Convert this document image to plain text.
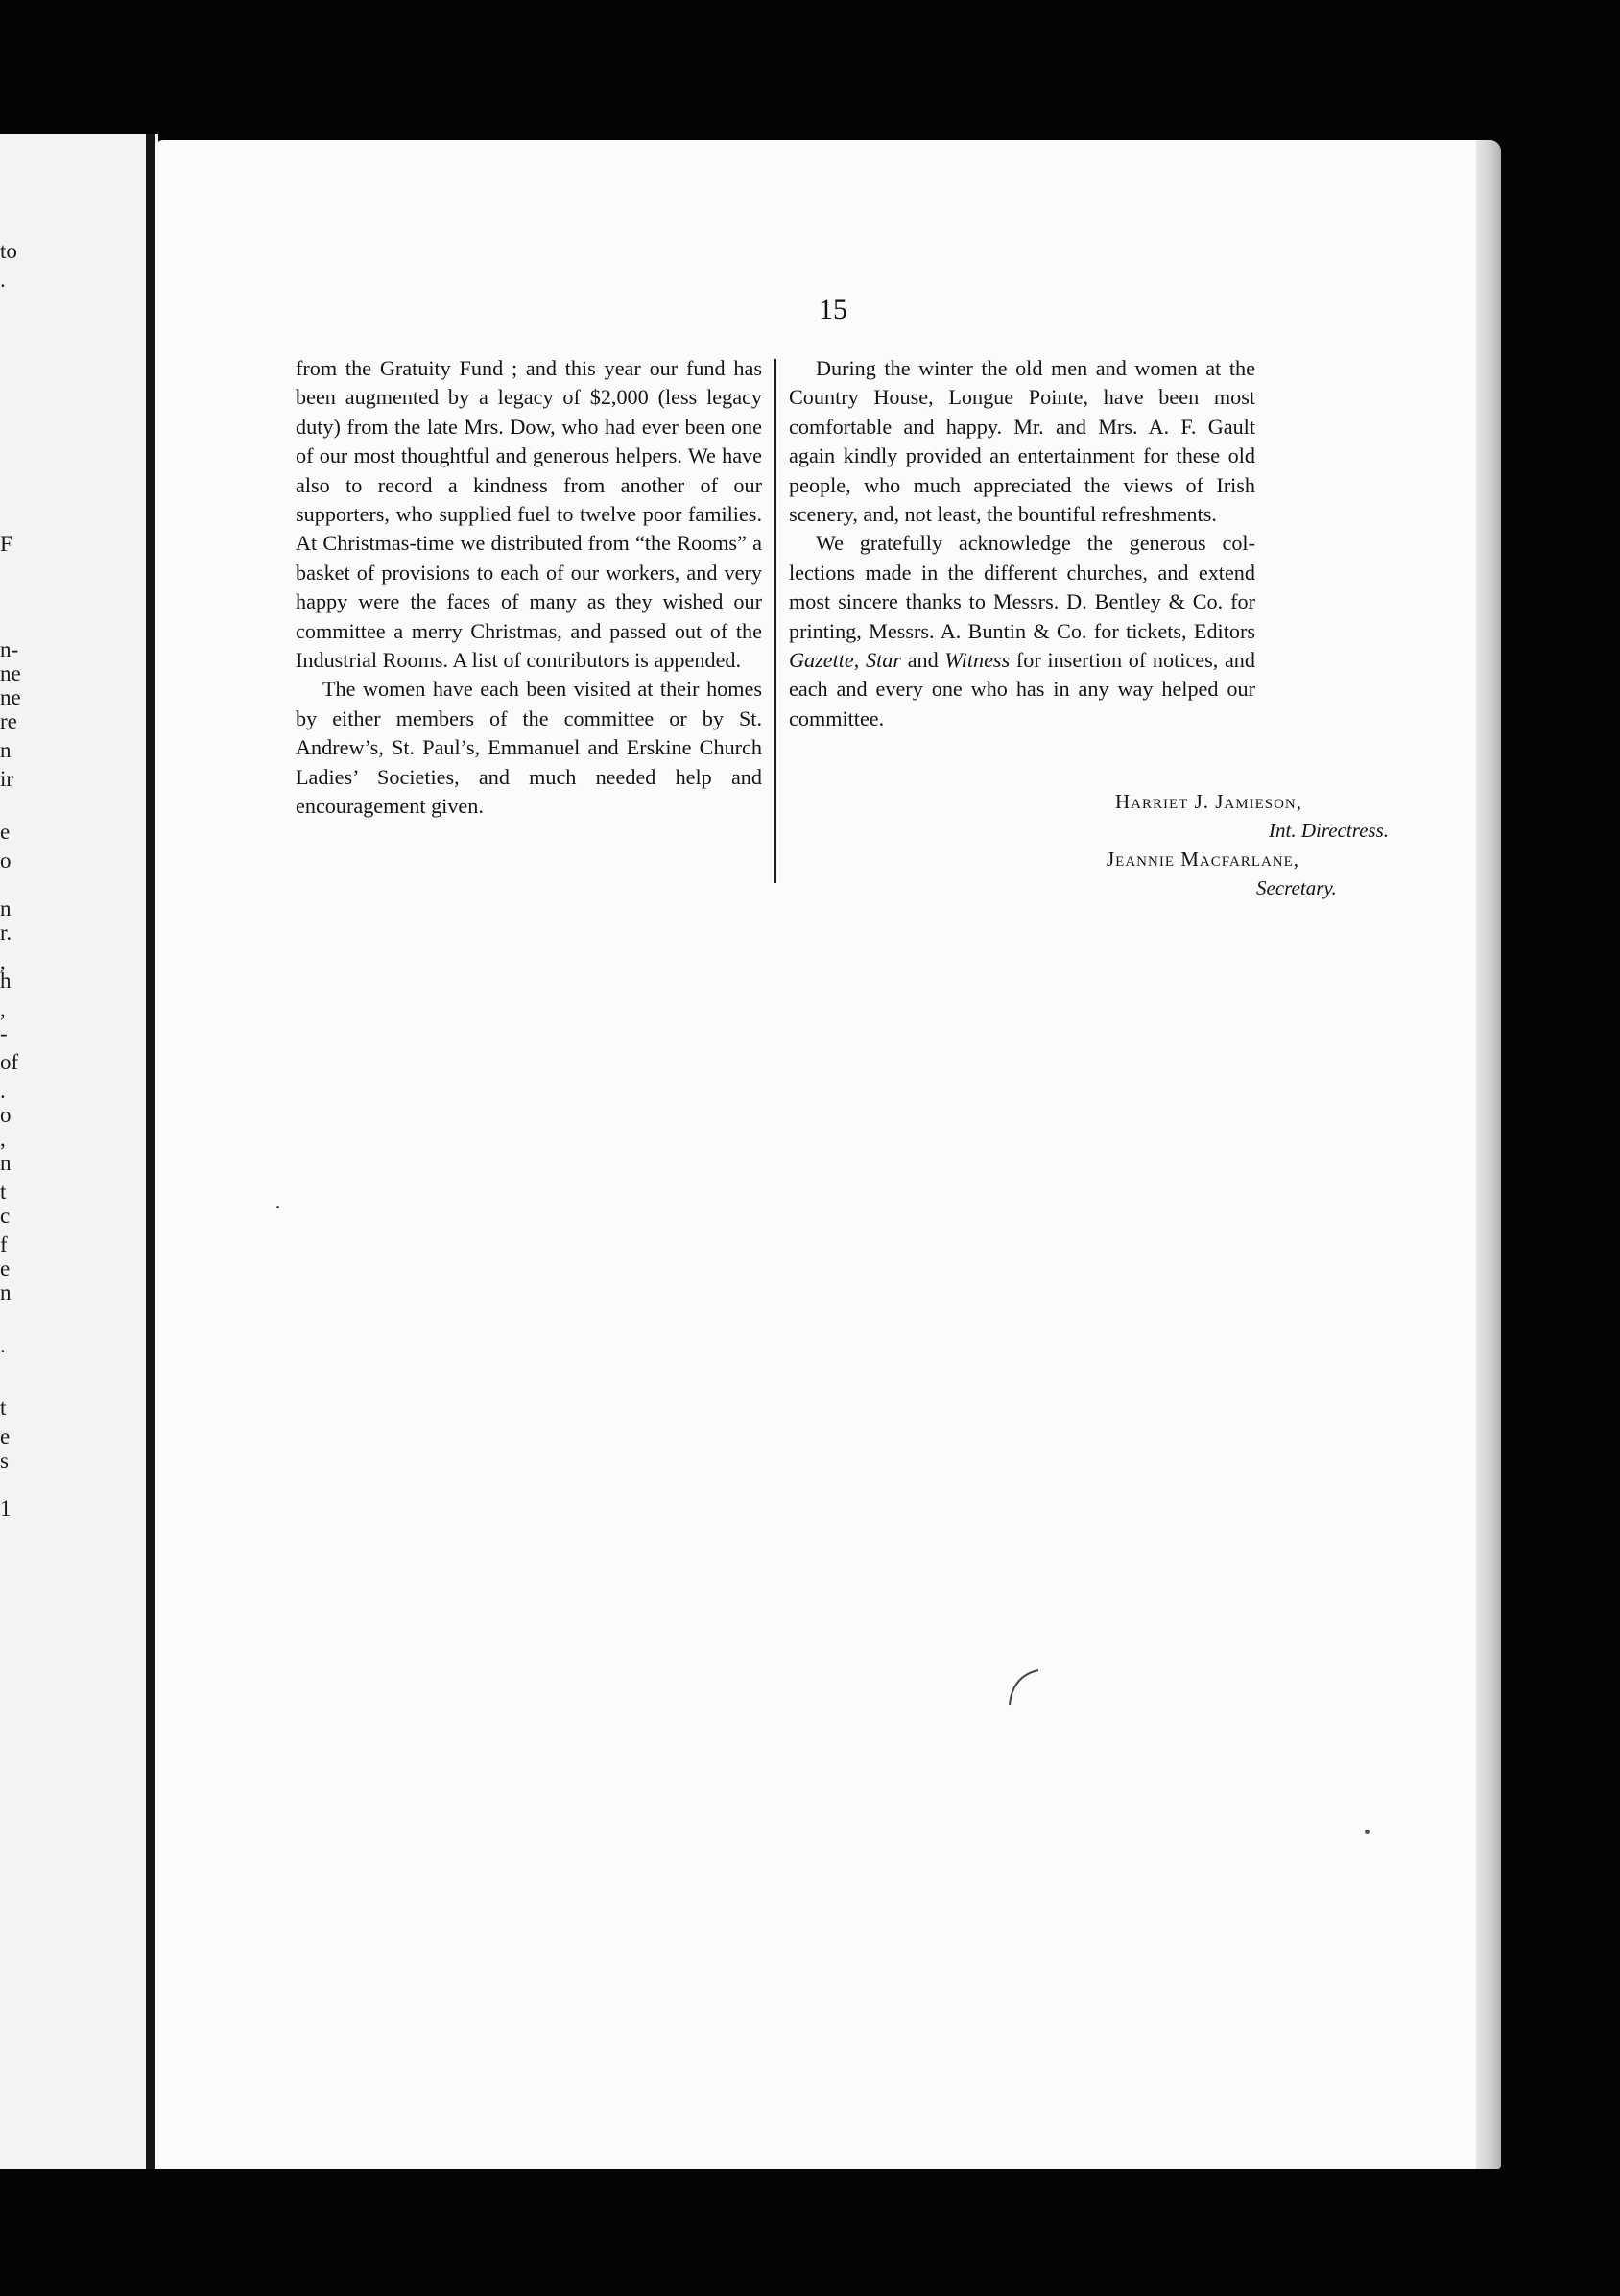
to
.
F
n-
ne
ne
re
n
ir
e
o
n
r.
,
h
,
-
of
.
o
,
n
t
c
f
e
n
.
t
e
s
1
15

from the Gratuity Fund ; and this year our fund has been augmented by a legacy of $2,000 (less legacy duty) from the late Mrs. Dow, who had ever been one of our most thoughtful and generous helpers. We have also to record a kindness from another of our supporters, who supplied fuel to twelve poor families. At Christmas-time we distributed from “the Rooms” a basket of provisions to each of our workers, and very happy were the faces of many as they wished our committee a merry Christmas, and passed out of the Industrial Rooms. A list of contributors is appended.

The women have each been visited at their homes by either members of the committee or by St. Andrew’s, St. Paul’s, Emmanuel and Erskine Church Ladies’ Societies, and much needed help and encouragement given.

During the winter the old men and women at the Country House, Longue Pointe, have been most comfortable and happy. Mr. and Mrs. A. F. Gault again kindly provided an entertainment for these old people, who much appreciated the views of Irish scenery, and, not least, the bountiful refreshments.

We gratefully acknowledge the generous collections made in the different churches, and extend most sincere thanks to Messrs. D. Bentley & Co. for printing, Messrs. A. Buntin & Co. for tickets, Editors Gazette, Star and Witness for insertion of notices, and each and every one who has in any way helped our committee.

Harriet J. Jamieson,
Int. Directress.
Jeannie Macfarlane,
Secretary.
